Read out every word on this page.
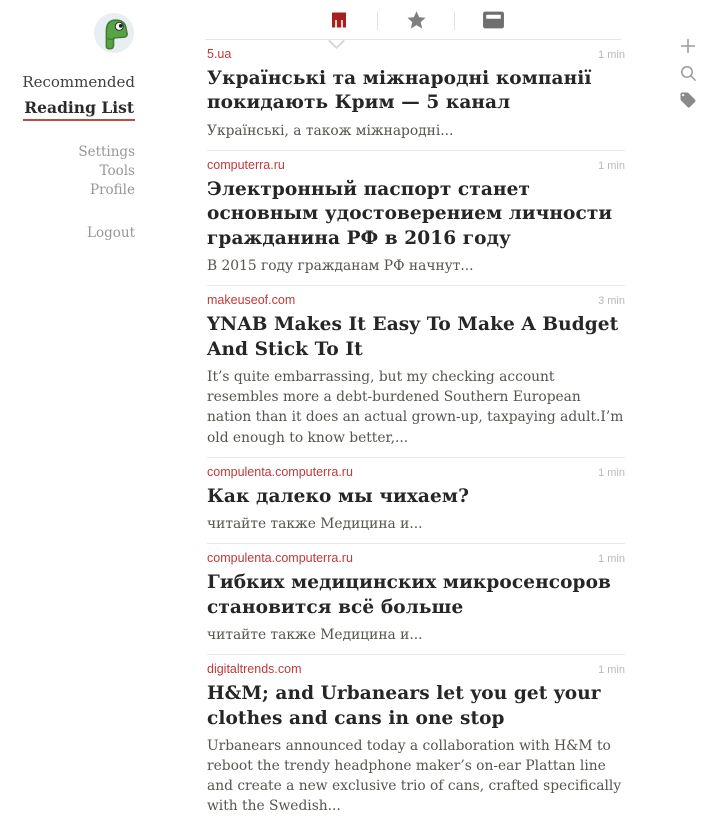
Recommended
Reading List
Settings
Tools
Profile
Logout
5.ua	1 min
Українські та міжнародні компанії покидають Крим — 5 канал

Українські, а також міжнародні...

computerra.ru	1 min
Электронный паспорт станет основным удостоверением личности гражданина РФ в 2016 году

В 2015 году гражданам РФ начнут...

makeuseof.com	3 min
YNAB Makes It Easy To Make A Budget And Stick To It

It’s quite embarrassing, but my checking account resembles more a debt-burdened Southern European nation than it does an actual grown-up, taxpaying adult.I’m old enough to know better,...

compulenta.computerra.ru	1 min
Как далеко мы чихаем?

читайте также Медицина и...

compulenta.computerra.ru	1 min
Гибких медицинских микросенсоров становится всё больше

читайте также Медицина и...

digitaltrends.com	1 min
H&M; and Urbanears let you get your clothes and cans in one stop

Urbanears announced today a collaboration with H&M to reboot the trendy headphone maker’s on-ear Plattan line and create a new exclusive trio of cans, crafted specifically with the Swedish...
